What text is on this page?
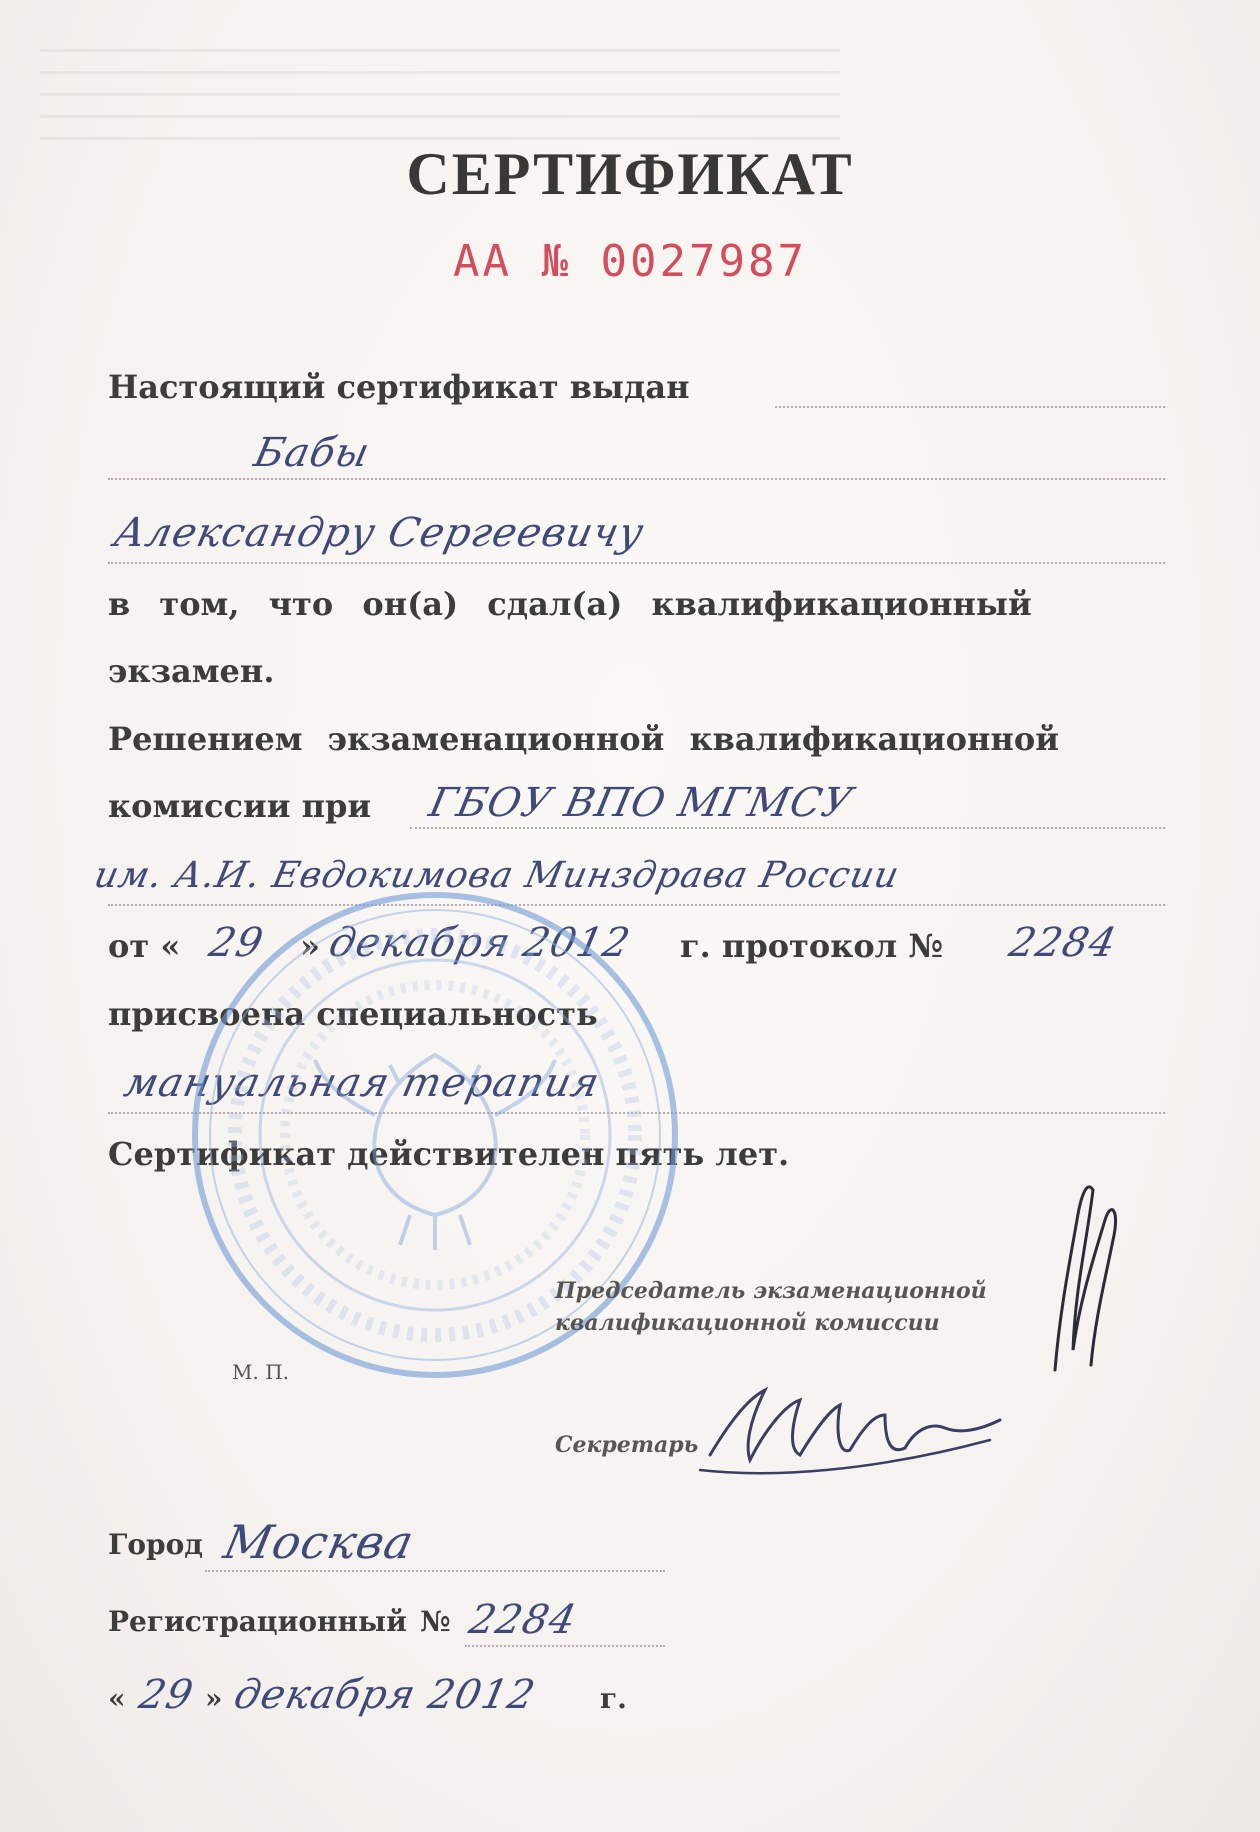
СЕРТИФИКАТ
АА № 0027987
Настоящий сертификат выдан
Бабы
Александру Сергеевичу
в том, что он(а) сдал(а) квалификационный
экзамен.
Решением экзаменационной квалификационной
комиссии при ГБОУ ВПО МГМСУ
им. А.И. Евдокимова Минздрава России
от « 29 » декабря 2012 г. протокол № 2284
присвоена специальность
мануальная терапия
Сертификат действителен пять лет.
Председатель экзаменационной
квалификационной комиссии
М. П.
Секретарь
Город Москва
Регистрационный № 2284
« 29 » декабря 2012 г.
